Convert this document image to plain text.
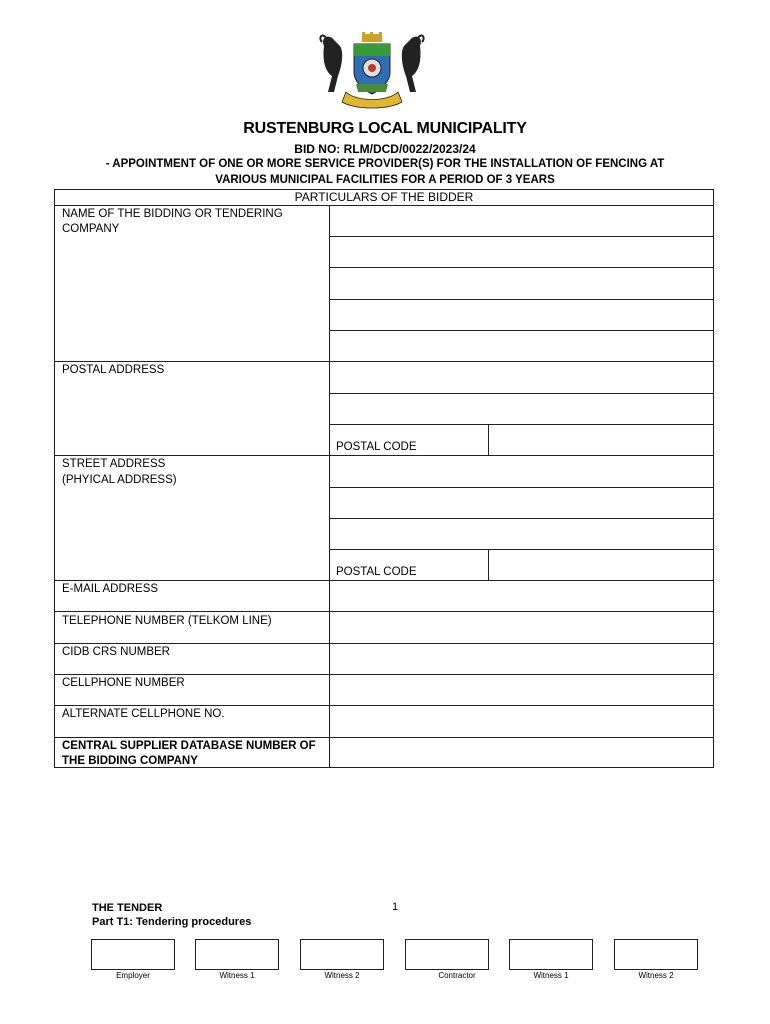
RUSTENBURG LOCAL MUNICIPALITY
BID NO: RLM/DCD/0022/2023/24
- APPOINTMENT OF ONE OR MORE SERVICE PROVIDER(S) FOR THE INSTALLATION OF FENCING AT
VARIOUS MUNICIPAL FACILITIES FOR A PERIOD OF 3 YEARS
PARTICULARS OF THE BIDDER
NAME OF THE BIDDING OR TENDERING COMPANY
POSTAL ADDRESS
POSTAL CODE
STREET ADDRESS
(PHYICAL ADDRESS)
POSTAL CODE
E-MAIL ADDRESS
TELEPHONE NUMBER (TELKOM LINE)
CIDB CRS NUMBER
CELLPHONE NUMBER
ALTERNATE CELLPHONE NO.
CENTRAL SUPPLIER DATABASE NUMBER OF
THE BIDDING COMPANY
THE TENDER
Part T1: Tendering procedures
1
Employer	Witness 1	Witness 2	Contractor	Witness 1	Witness 2
